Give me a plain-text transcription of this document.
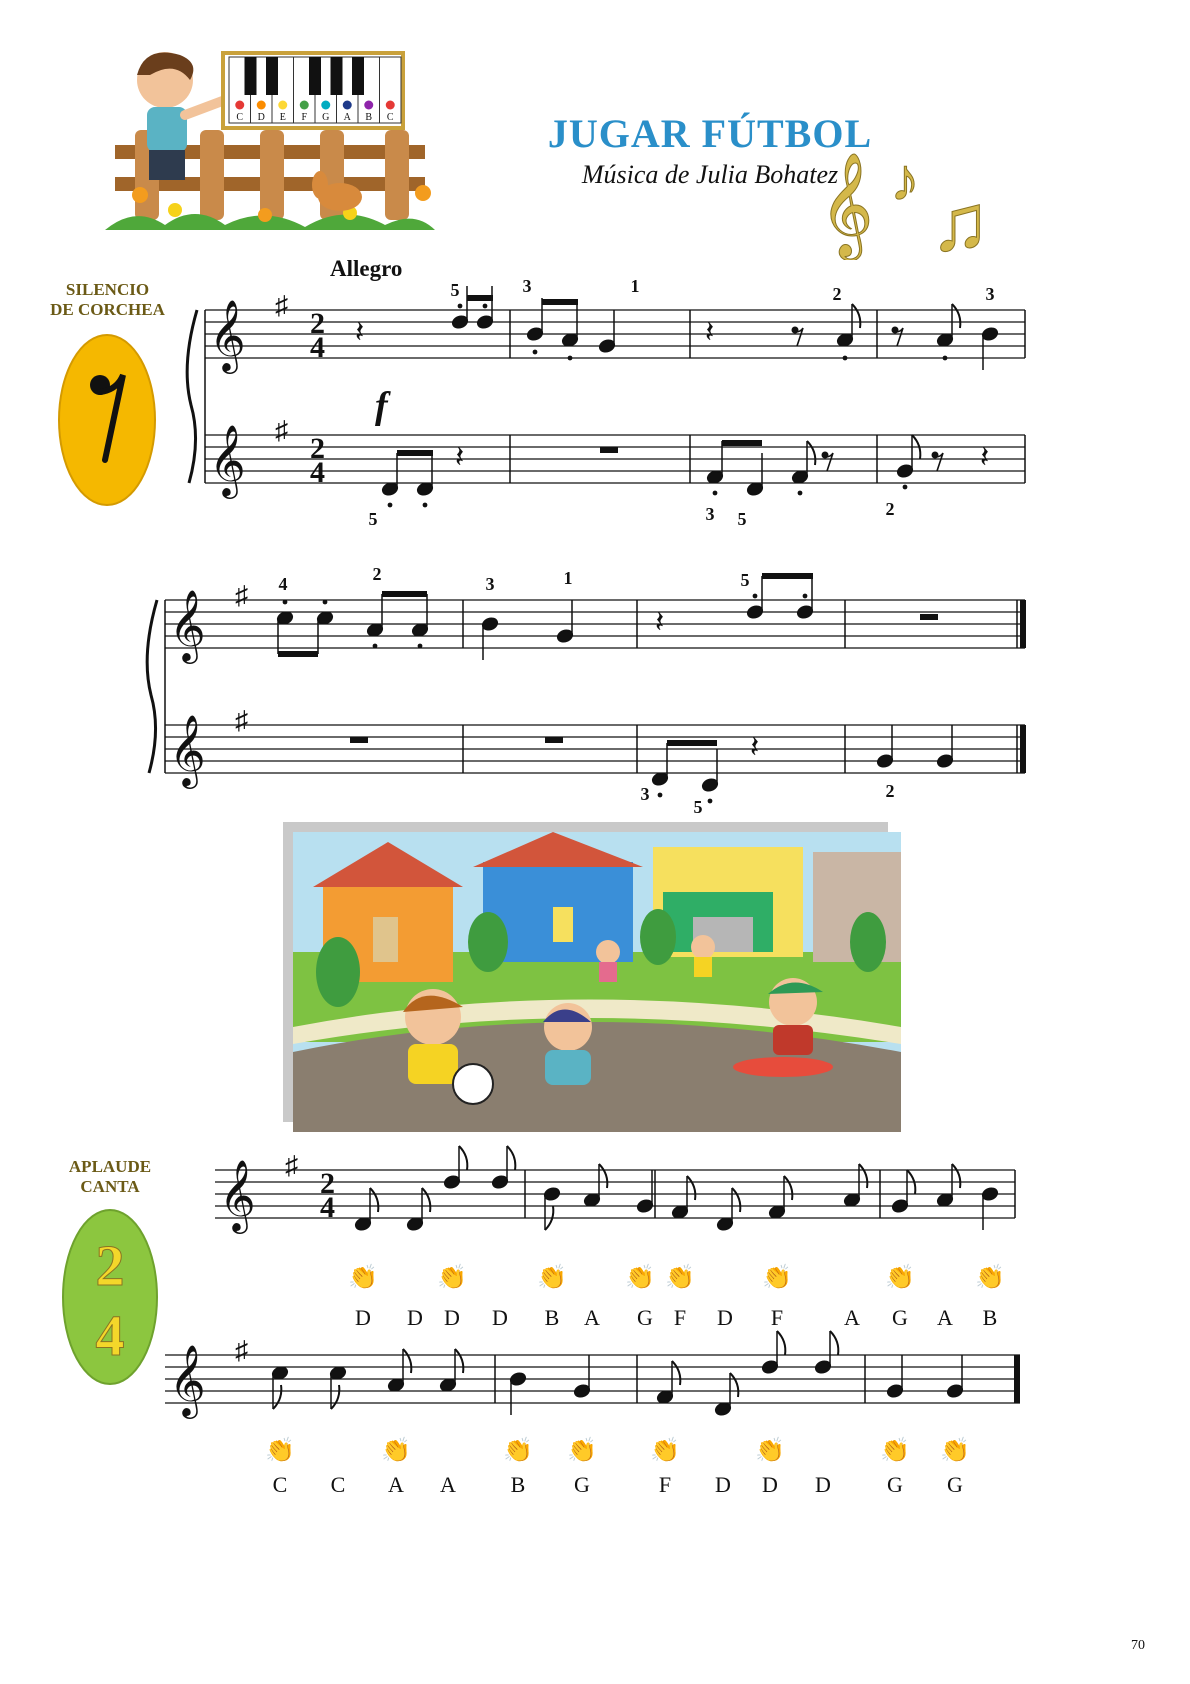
JUGAR FÚTBOL
Música de Julia Bohatez
Allegro
C D E F G A B C
𝄞 ♪ ♫
SILENCIO
DE CORCHEA
APLAUDE
CANTA
2
4
𝄞
𝄞
♯
♯
2
4
2
4
𝄽
5
f
3	1
𝄽
2	3
𝄽
5	3 5
𝄽
2
𝄞
𝄞
♯
♯
4	2	3	1
𝄽
5
𝄽
3
5
2
𝄞 ♯
2
4
D D D D B A G F D F	A G A B
👏 👏	👏 👏 👏	👏	👏	👏
𝄞 ♯
C C A A B G	F D D D	G G
👏	👏	👏 👏 👏	👏	👏 👏
70
